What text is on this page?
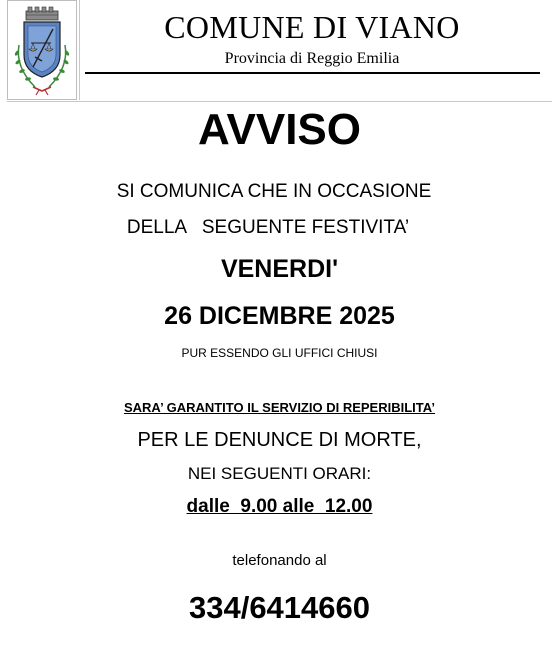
COMUNE DI VIANO
Provincia di Reggio Emilia
AVVISO
SI COMUNICA CHE IN OCCASIONE
DELLA   SEGUENTE FESTIVITA’
VENERDI'
26 DICEMBRE 2025
PUR ESSENDO GLI UFFICI CHIUSI
SARA’ GARANTITO IL SERVIZIO DI REPERIBILITA’
PER LE DENUNCE DI MORTE,
NEI SEGUENTI ORARI:
dalle  9.00 alle  12.00
telefonando al
334/6414660
